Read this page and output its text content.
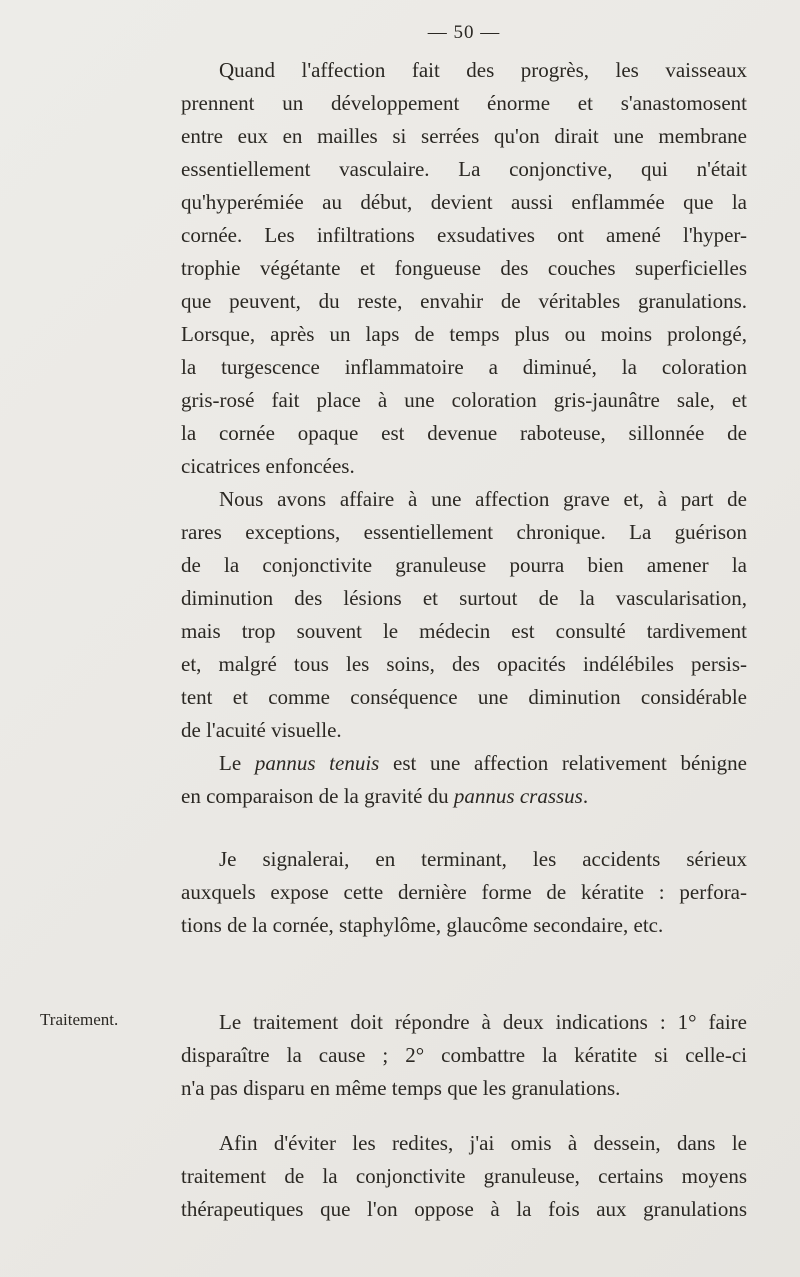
— 50 —
Traitement.
Quand l'affection fait des progrès, les vaisseaux
prennent un développement énorme et s'anastomosent
entre eux en mailles si serrées qu'on dirait une membrane
essentiellement vasculaire. La conjonctive, qui n'était
qu'hyperémiée au début, devient aussi enflammée que la
cornée. Les infiltrations exsudatives ont amené l'hyper-
trophie végétante et fongueuse des couches superficielles
que peuvent, du reste, envahir de véritables granulations.
Lorsque, après un laps de temps plus ou moins prolongé,
la turgescence inflammatoire a diminué, la coloration
gris-rosé fait place à une coloration gris-jaunâtre sale, et
la cornée opaque est devenue raboteuse, sillonnée de
cicatrices enfoncées.
Nous avons affaire à une affection grave et, à part de
rares exceptions, essentiellement chronique. La guérison
de la conjonctivite granuleuse pourra bien amener la
diminution des lésions et surtout de la vascularisation,
mais trop souvent le médecin est consulté tardivement
et, malgré tous les soins, des opacités indélébiles persis-
tent et comme conséquence une diminution considérable
de l'acuité visuelle.
Le pannus tenuis est une affection relativement bénigne
en comparaison de la gravité du pannus crassus.
Je signalerai, en terminant, les accidents sérieux
auxquels expose cette dernière forme de kératite : perfora-
tions de la cornée, staphylôme, glaucôme secondaire, etc.
Le traitement doit répondre à deux indications : 1° faire
disparaître la cause ; 2° combattre la kératite si celle-ci
n'a pas disparu en même temps que les granulations.
Afin d'éviter les redites, j'ai omis à dessein, dans le
traitement de la conjonctivite granuleuse, certains moyens
thérapeutiques que l'on oppose à la fois aux granulations
